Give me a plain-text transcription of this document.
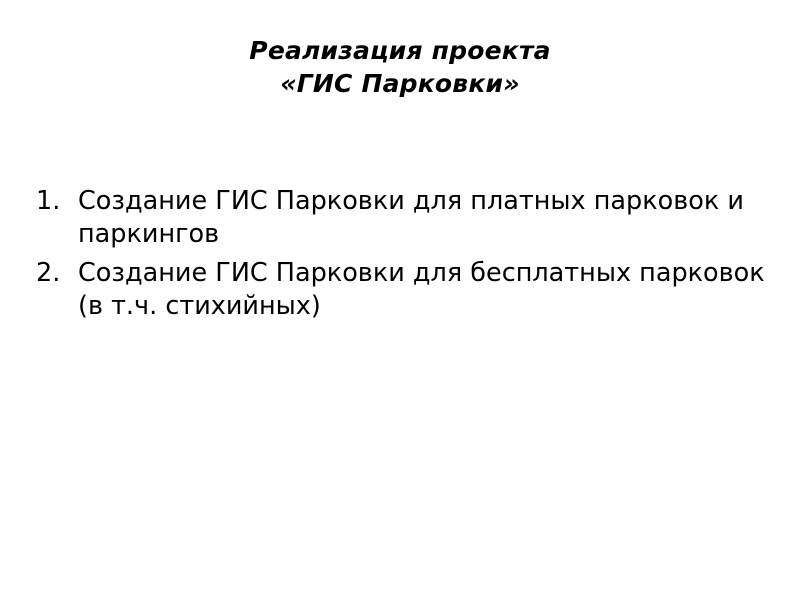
Реализация проекта
«ГИС Парковки»
1. Создание ГИС Парковки для платных парковок и паркингов
2. Создание ГИС Парковки для бесплатных парковок (в т.ч. стихийных)
